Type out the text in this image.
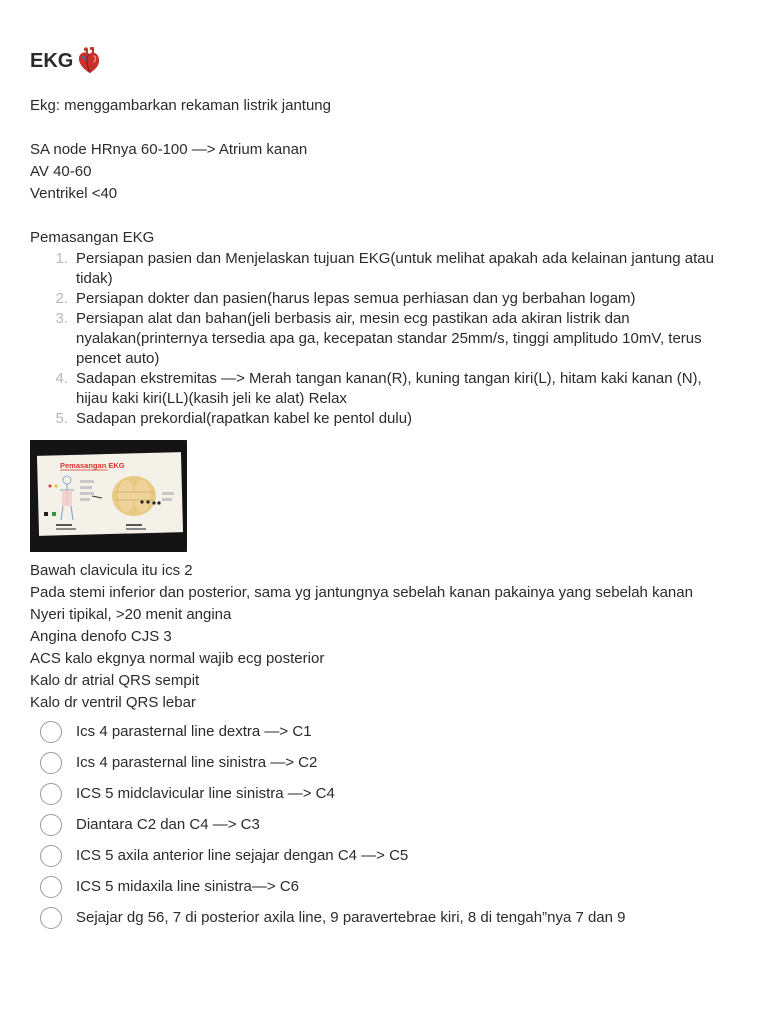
EKG

Ekg: menggambarkan rekaman listrik jantung

SA node HRnya 60-100 —> Atrium kanan

AV 40-60

Ventrikel <40

Pemasangan EKG

Persiapan pasien dan Menjelaskan tujuan EKG(untuk melihat apakah ada kelainan jantung atau tidak)
Persiapan dokter dan pasien(harus lepas semua perhiasan dan yg berbahan logam)
Persiapan alat dan bahan(jeli berbasis air, mesin ecg pastikan ada akiran listrik dan nyalakan(printernya tersedia apa ga, kecepatan standar 25mm/s, tinggi amplitudo 10mV, terus pencet auto)
Sadapan ekstremitas —> Merah tangan kanan(R), kuning tangan kiri(L), hitam kaki kanan (N), hijau kaki kiri(LL)(kasih jeli ke alat) Relax
Sadapan prekordial(rapatkan kabel ke pentol dulu)
Pemasangan EKG

Bawah clavicula itu ics 2

Pada stemi inferior dan posterior, sama yg jantungnya sebelah kanan pakainya yang sebelah kanan

Nyeri tipikal, >20 menit angina

Angina denofo CJS 3

ACS kalo ekgnya normal wajib ecg posterior

Kalo dr atrial QRS sempit

Kalo dr ventril QRS lebar

Ics 4 parasternal line dextra —> C1
Ics 4 parasternal line sinistra —> C2
ICS 5 midclavicular line sinistra —> C4
Diantara C2 dan C4 —> C3
ICS 5 axila anterior line sejajar dengan C4 —> C5
ICS 5 midaxila line sinistra—> C6
Sejajar dg 56, 7 di posterior axila line, 9 paravertebrae kiri, 8 di tengah”nya 7 dan 9
